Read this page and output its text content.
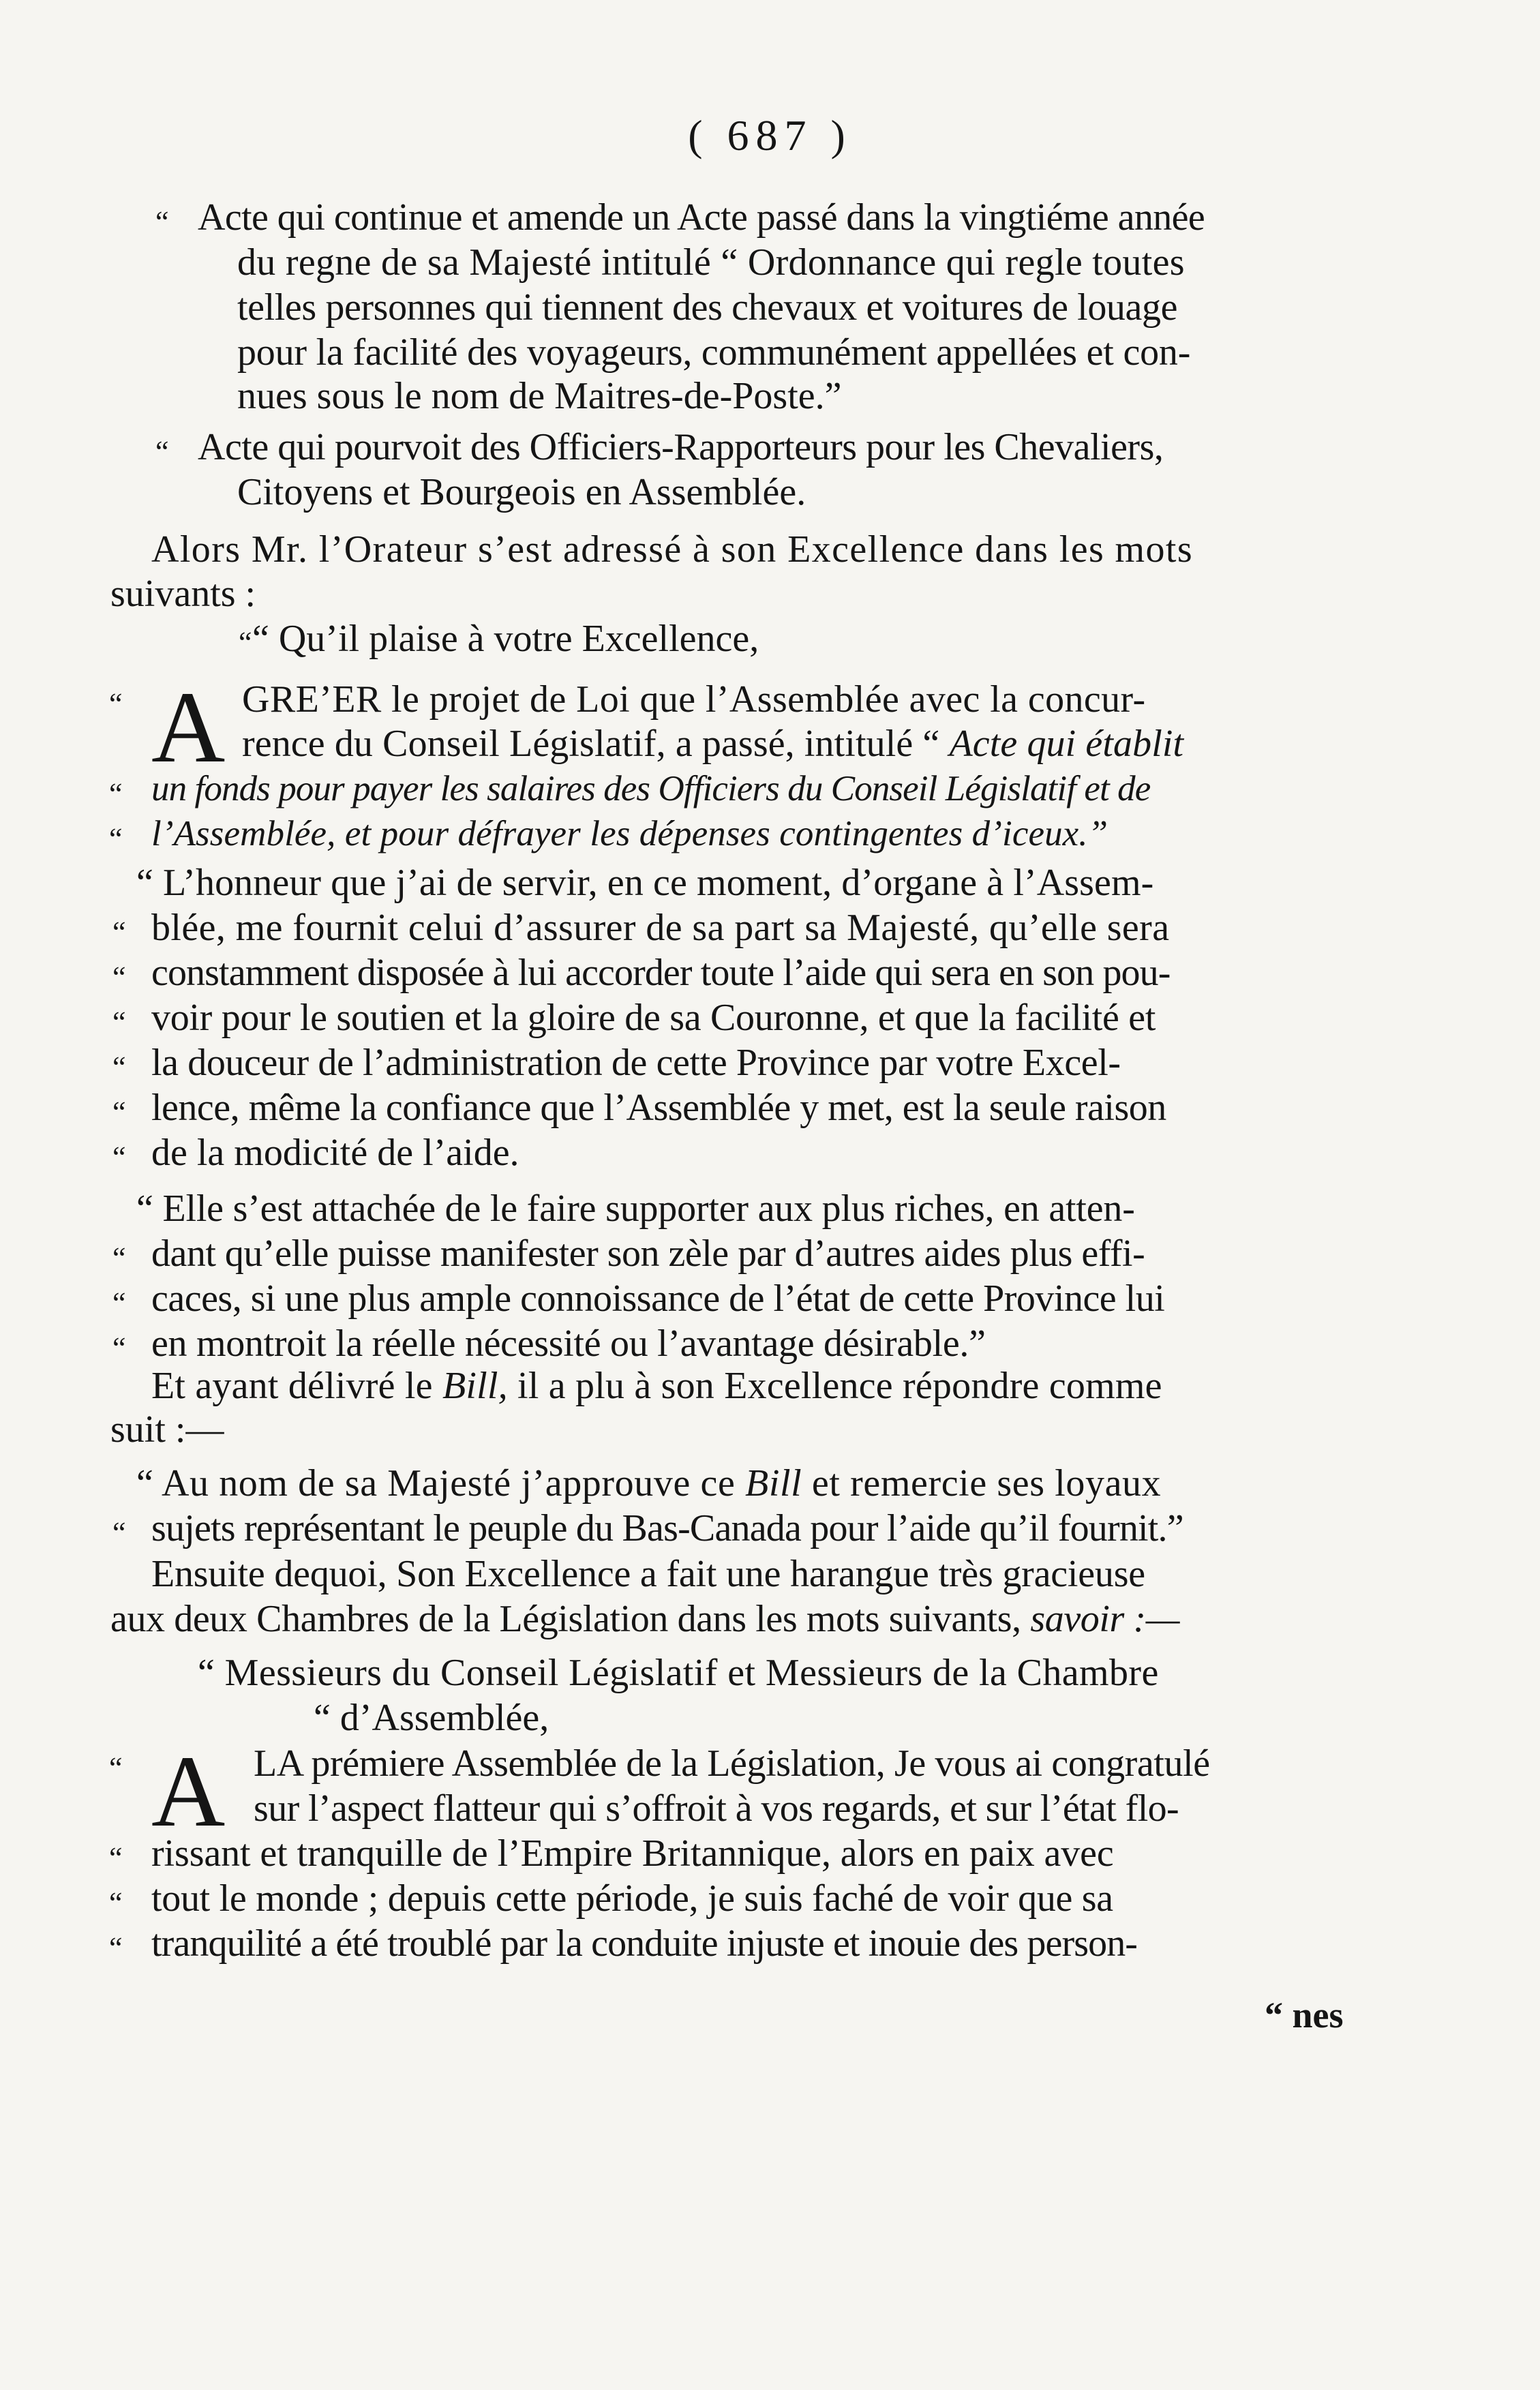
( 687 )
“ Acte qui continue et amende un Acte passé dans la vingtiéme année
du regne de sa Majesté intitulé “ Ordonnance qui regle toutes
telles personnes qui tiennent des chevaux et voitures de louage
pour la facilité des voyageurs, communément appellées et con-
nues sous le nom de Maitres-de-Poste.”
“ Acte qui pourvoit des Officiers-Rapporteurs pour les Chevaliers,
Citoyens et Bourgeois en Assemblée.
Alors Mr. l’Orateur s’est adressé à son Excellence dans les mots
suivants :
“ “ Qu’il plaise à votre Excellence,
“ A GRE’ER le projet de Loi que l’Assemblée avec la concur-
rence du Conseil Législatif, a passé, intitulé “ Acte qui établit
“ un fonds pour payer les salaires des Officiers du Conseil Législatif et de
“ l’Assemblée, et pour défrayer les dépenses contingentes d’iceux.”
“ L’honneur que j’ai de servir, en ce moment, d’organe à l’Assem-
“ blée, me fournit celui d’assurer de sa part sa Majesté, qu’elle sera
“ constamment disposée à lui accorder toute l’aide qui sera en son pou-
“ voir pour le soutien et la gloire de sa Couronne, et que la facilité et
“ la douceur de l’administration de cette Province par votre Excel-
“ lence, même la confiance que l’Assemblée y met, est la seule raison
“ de la modicité de l’aide.
“ Elle s’est attachée de le faire supporter aux plus riches, en atten-
“ dant qu’elle puisse manifester son zèle par d’autres aides plus effi-
“ caces, si une plus ample connoissance de l’état de cette Province lui
“ en montroit la réelle nécessité ou l’avantage désirable.”
Et ayant délivré le Bill, il a plu à son Excellence répondre comme
suit :—
“ Au nom de sa Majesté j’approuve ce Bill et remercie ses loyaux
“ sujets représentant le peuple du Bas-Canada pour l’aide qu’il fournit.”
Ensuite dequoi, Son Excellence a fait une harangue très gracieuse
aux deux Chambres de la Législation dans les mots suivants, savoir :—
“ Messieurs du Conseil Législatif et Messieurs de la Chambre
“ d’Assemblée,
“ A LA prémiere Assemblée de la Législation, Je vous ai congratulé
sur l’aspect flatteur qui s’offroit à vos regards, et sur l’état flo-
“ rissant et tranquille de l’Empire Britannique, alors en paix avec
“ tout le monde ; depuis cette période, je suis faché de voir que sa
“ tranquilité a été troublé par la conduite injuste et inouie des person-
“ nes
